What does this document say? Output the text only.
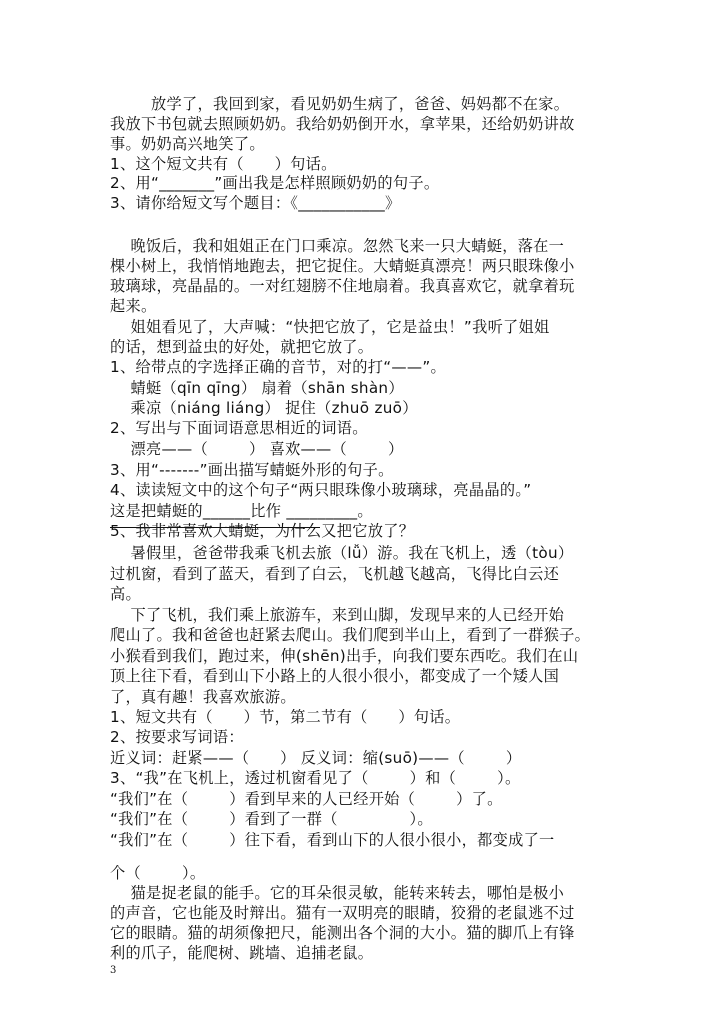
放学了，我回到家，看见奶奶生病了，爸爸、妈妈都不在家。
我放下书包就去照顾奶奶。我给奶奶倒开水，拿苹果，还给奶奶讲故
事。奶奶高兴地笑了。
1、这个短文共有（      ）句话。
2、用“_______”画出我是怎样照顾奶奶的句子。
3、请你给短文写个题目：《___________》
晚饭后，我和姐姐正在门口乘凉。忽然飞来一只大蜻蜓，落在一
棵小树上，我悄悄地跑去，把它捉住。大蜻蜓真漂亮！两只眼珠像小
玻璃球，亮晶晶的。一对红翅膀不住地扇着。我真喜欢它，就拿着玩
起来。
姐姐看见了，大声喊：“快把它放了，它是益虫！”我听了姐姐
的话，想到益虫的好处，就把它放了。
1、给带点的字选择正确的音节，对的打“——”。
蜻蜓（qīn qīng） 扇着（shān shàn）
乘凉（niáng liáng） 捉住（zhuō zuō）
2、写出与下面词语意思相近的词语。
漂亮——（        ） 喜欢——（        ）
3、用“-------”画出描写蜻蜓外形的句子。
4、读读短文中的这个句子“两只眼珠像小玻璃球，亮晶晶的。”
这是把蜻蜓的______比作 _________。
5、我非常喜欢大蜻蜓，为什么又把它放了？
暑假里，爸爸带我乘飞机去旅（lǚ）游。我在飞机上，透（tòu）
过机窗，看到了蓝天，看到了白云，飞机越飞越高，飞得比白云还
高。
下了飞机，我们乘上旅游车，来到山脚，发现早来的人已经开始
爬山了。我和爸爸也赶紧去爬山。我们爬到半山上，看到了一群猴子。
小猴看到我们，跑过来，伸(shēn)出手，向我们要东西吃。我们在山
顶上往下看，看到山下小路上的人很小很小，都变成了一个矮人国
了，真有趣！我喜欢旅游。
1、短文共有（      ）节，第二节有（      ）句话。
2、按要求写词语：
近义词：赶紧——（      ） 反义词：缩(suō)——（        ）
3、“我”在飞机上，透过机窗看见了（        ）和（        ）。
“我们”在（        ）看到早来的人已经开始（        ）了。
“我们”在（        ）看到了一群（              ）。
“我们”在（        ）往下看，看到山下的人很小很小，都变成了一
个（        ）。
猫是捉老鼠的能手。它的耳朵很灵敏，能转来转去，哪怕是极小
的声音，它也能及时辩出。猫有一双明亮的眼睛，狡猾的老鼠逃不过
它的眼睛。猫的胡须像把尺，能测出各个洞的大小。猫的脚爪上有锋
利的爪子，能爬树、跳墙、追捕老鼠。
3
